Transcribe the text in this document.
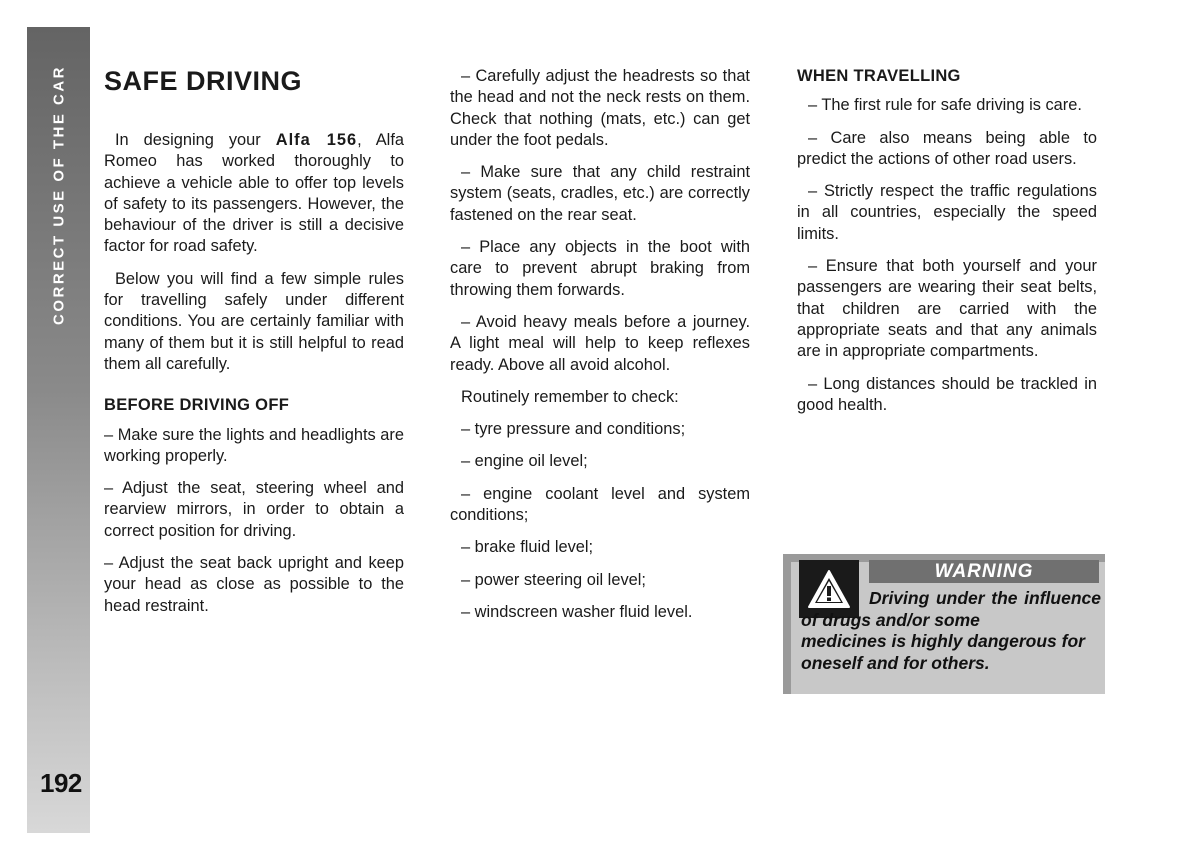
CORRECT USE OF THE CAR
192
SAFE DRIVING

In designing your Alfa 156, Alfa Romeo has worked thoroughly to achieve a vehicle able to offer top levels of safety to its passengers. However, the behaviour of the driver is still a decisive factor for road safety.

Below you will find a few simple rules for travelling safely under different conditions. You are certainly familiar with many of them but it is still helpful to read them all carefully.

BEFORE DRIVING OFF

– Make sure the lights and headlights are working properly.

– Adjust the seat, steering wheel and rearview mirrors, in order to obtain a correct position for driving.

– Adjust the seat back upright and keep your head as close as possible to the head restraint.

– Carefully adjust the headrests so that the head and not the neck rests on them. Check that nothing (mats, etc.) can get under the foot pedals.

– Make sure that any child restraint system (seats, cradles, etc.) are correctly fastened on the rear seat.

– Place any objects in the boot with care to prevent abrupt braking from throwing them forwards.

– Avoid heavy meals before a journey. A light meal will help to keep reflexes ready. Above all avoid alcohol.

Routinely remember to check:

– tyre pressure and conditions;

– engine oil level;

– engine coolant level and system conditions;

– brake fluid level;

– power steering oil level;

– windscreen washer fluid level.

WHEN TRAVELLING

– The first rule for safe driving is care.

– Care also means being able to predict the actions of other road users.

– Strictly respect the traffic regulations in all countries, especially the speed limits.

– Ensure that both yourself and your passengers are wearing their seat belts, that children are carried with the appropriate seats and that any animals are in appropriate compartments.

– Long distances should be trackled in good health.

WARNING
Driving under the influence of drugs and/or some
medicines is highly dangerous for oneself and for others.
